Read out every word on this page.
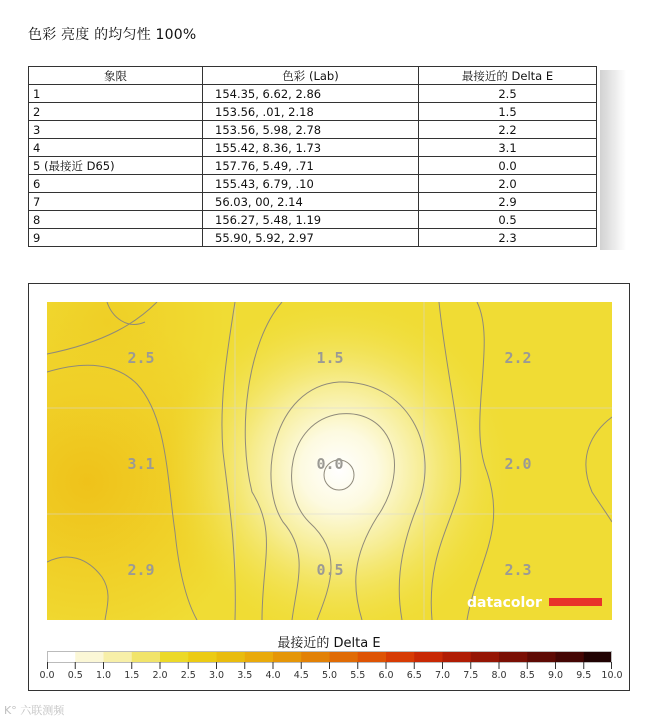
色彩 亮度 的均匀性 100%
象限	色彩 (Lab)	最接近的 Delta E
1	154.35, 6.62, 2.86	2.5
2	153.56, .01, 2.18	1.5
3	153.56, 5.98, 2.78	2.2
4	155.42, 8.36, 1.73	3.1
5 (最接近 D65)	157.76, 5.49, .71	0.0
6	155.43, 6.79, .10	2.0
7	56.03, 00, 2.14	2.9
8	156.27, 5.48, 1.19	0.5
9	55.90, 5.92, 2.97	2.3
2.5	1.5	2.2
3.1	0.0	2.0
2.9	0.5	2.3
datacolor
最接近的 Delta E
0.0 0.5 1.0 1.5 2.0 2.5 3.0 3.5 4.0 4.5 5.0 5.5 6.0 6.5 7.0 7.5 8.0 8.5 9.0 9.5 10.0
K° 六联测频
